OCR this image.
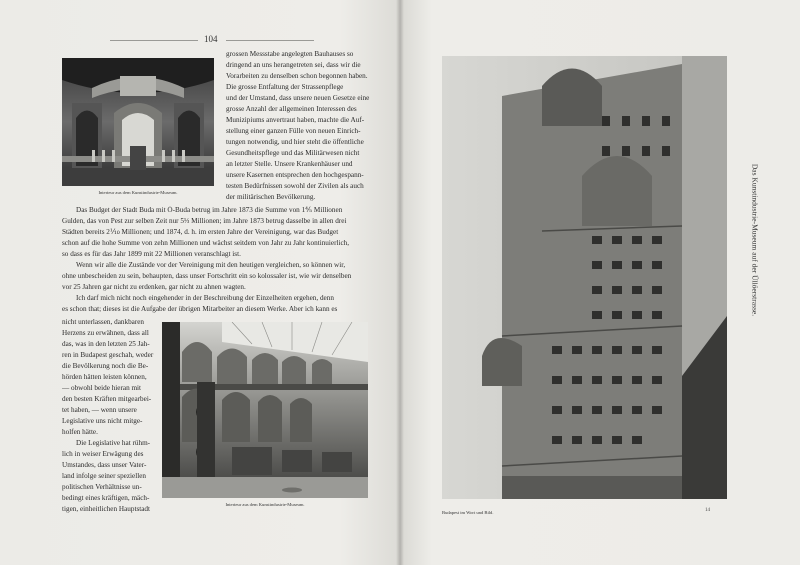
104
Interieur aus dem Kunstindustrie-Museum.
grossen Messstabe angelegten Bauhauses so
dringend an uns herangetreten sei, dass wir die
Vorarbeiten zu denselben schon begonnen haben.
Die grosse Entfaltung der Strassenpflege
und der Umstand, dass unsere neuen Gesetze eine
grosse Anzahl der allgemeinen Interessen des
Munizipiums anvertraut haben, machte die Auf-
stellung einer ganzen Fülle von neuen Einrich-
tungen notwendig, und hier steht die öffentliche
Gesundheitspflege und das Militärwesen nicht
an letzter Stelle. Unsere Krankenhäuser und
unsere Kasernen entsprechen den hochgespann-
testen Bedürfnissen sowohl der Zivilen als auch
der militärischen Bevölkerung.
Das Budget der Stadt Buda mit Ó-Buda betrug im Jahre 1873 die Summe von 1⅘ Millionen
Gulden, das von Pest zur selben Zeit nur 5⅓ Millionen; im Jahre 1873 betrug dasselbe in allen drei
Städten bereits 2⅒ Millionen; und 1874, d. h. im ersten Jahre der Vereinigung, war das Budget
schon auf die hohe Summe von zehn Millionen und wächst seitdem von Jahr zu Jahr kontinuierlich,
so dass es für das Jahr 1899 mit 22 Millionen veranschlagt ist.
Wenn wir alle die Zustände vor der Vereinigung mit den heutigen vergleichen, so können wir,
ohne unbescheiden zu sein, behaupten, dass unser Fortschritt ein so kolossaler ist, wie wir denselben
vor 25 Jahren gar nicht zu erdenken, gar nicht zu ahnen wagten.
Ich darf mich nicht noch eingehender in der Beschreibung der Einzelheiten ergehen, denn
es schon that; dieses ist die Aufgabe der übrigen Mitarbeiter an diesem Werke. Aber ich kann es
nicht unterlassen, dankbaren
Herzens zu erwähnen, dass all
das, was in den letzten 25 Jah-
ren in Budapest geschah, weder
die Bevölkerung noch die Be-
hörden hätten leisten können,
— obwohl beide hieran mit
den besten Kräften mitgearbei-
tet haben, — wenn unsere
Legislative uns nicht mitge-
holfen hätte.
Die Legislative hat rühm-
lich in weiser Erwägung des
Umstandes, dass unser Vater-
land infolge seiner speziellen
politischen Verhältnisse un-
bedingt eines kräftigen, mäch-
tigen, einheitlichen Hauptstadt
Interieur aus dem Kunstindustrie-Museum.
Budapest im Wort und Bild.	14
Das Kunstindustrie-Museum auf der Üllőerstrasse.
